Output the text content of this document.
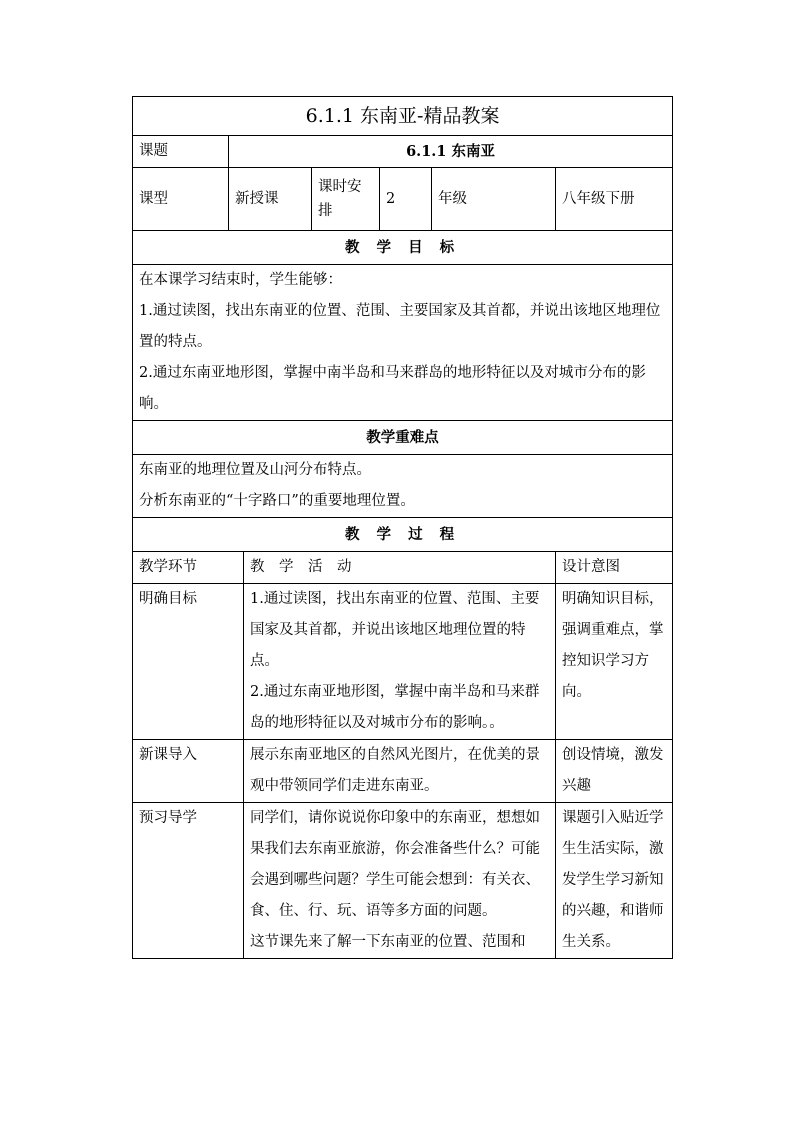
6.1.1 东南亚-精品教案						
课题	6.1.1 东南亚					
课型	新授课		课时安排	2	年级	八年级下册
教 学 目 标						

在本课学习结束时，学生能够：
1.通过读图，找出东南亚的位置、范围、主要国家及其首都，并说出该地区地理位置的特点。
2.通过东南亚地形图，掌握中南半岛和马来群岛的地形特征以及对城市分布的影响。						

教学重难点						

东南亚的地理位置及山河分布特点。
分析东南亚的“十字路口”的重要地理位置。						

教 学 过 程						
教学环节		教　学　活　动				设计意图
明确目标		1.通过读图，找出东南亚的位置、范围、主要国家及其首都，并说出该地区地理位置的特点。
2.通过东南亚地形图，掌握中南半岛和马来群岛的地形特征以及对城市分布的影响。。				明确知识目标，强调重难点，掌控知识学习方向。
新课导入		展示东南亚地区的自然风光图片，在优美的景观中带领同学们走进东南亚。				创设情境，激发兴趣
预习导学		同学们，请你说说你印象中的东南亚，想想如果我们去东南亚旅游，你会准备些什么？可能会遇到哪些问题？学生可能会想到：有关衣、食、住、行、玩、语等多方面的问题。
这节课先来了解一下东南亚的位置、范围和				课题引入贴近学生生活实际，激发学生学习新知的兴趣，和谐师生关系。
